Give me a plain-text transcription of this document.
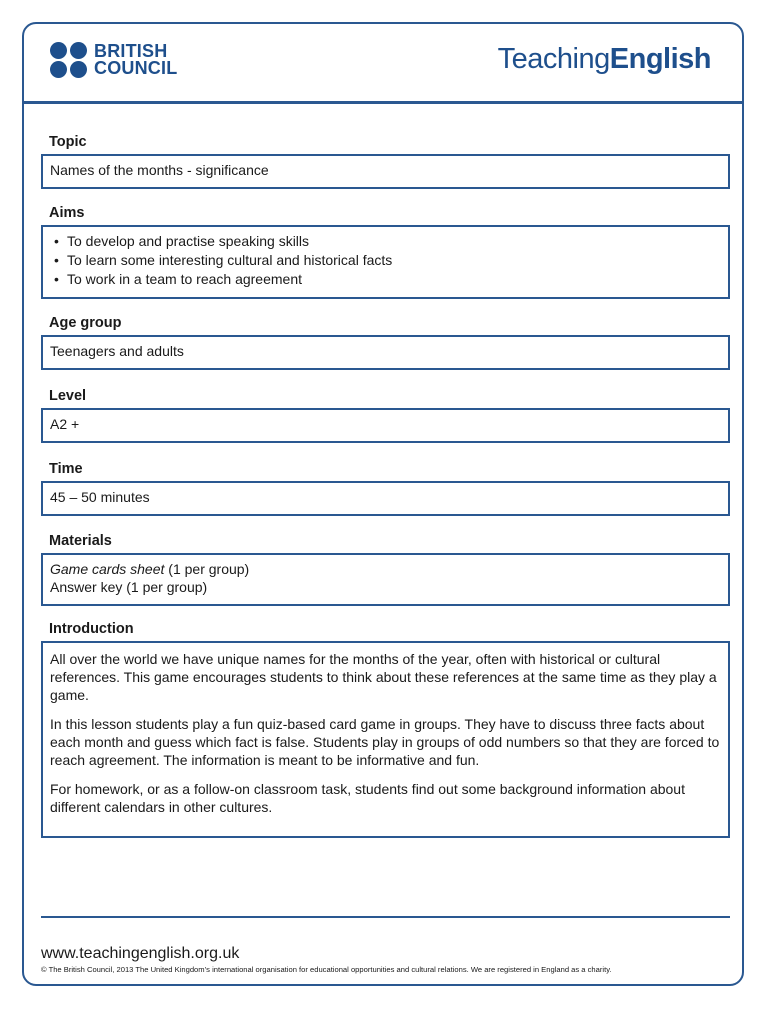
BRITISH
COUNCIL	TeachingEnglish
Topic
Names of the months - significance
Aims
• To develop and practise speaking skills
• To learn some interesting cultural and historical facts
• To work in a team to reach agreement
Age group
Teenagers and adults
Level
A2 +
Time
45 – 50 minutes
Materials
Game cards sheet (1 per group)
Answer key (1 per group)
Introduction

All over the world we have unique names for the months of the year, often with historical or cultural references. This game encourages students to think about these references at the same time as they play a game.

In this lesson students play a fun quiz-based card game in groups. They have to discuss three facts about each month and guess which fact is false. Students play in groups of odd numbers so that they are forced to reach agreement. The information is meant to be informative and fun.

For homework, or as a follow-on classroom task, students find out some background information about different calendars in other cultures.

www.teachingenglish.org.uk
© The British Council, 2013 The United Kingdom’s international organisation for educational opportunities and cultural relations. We are registered in England as a charity.
